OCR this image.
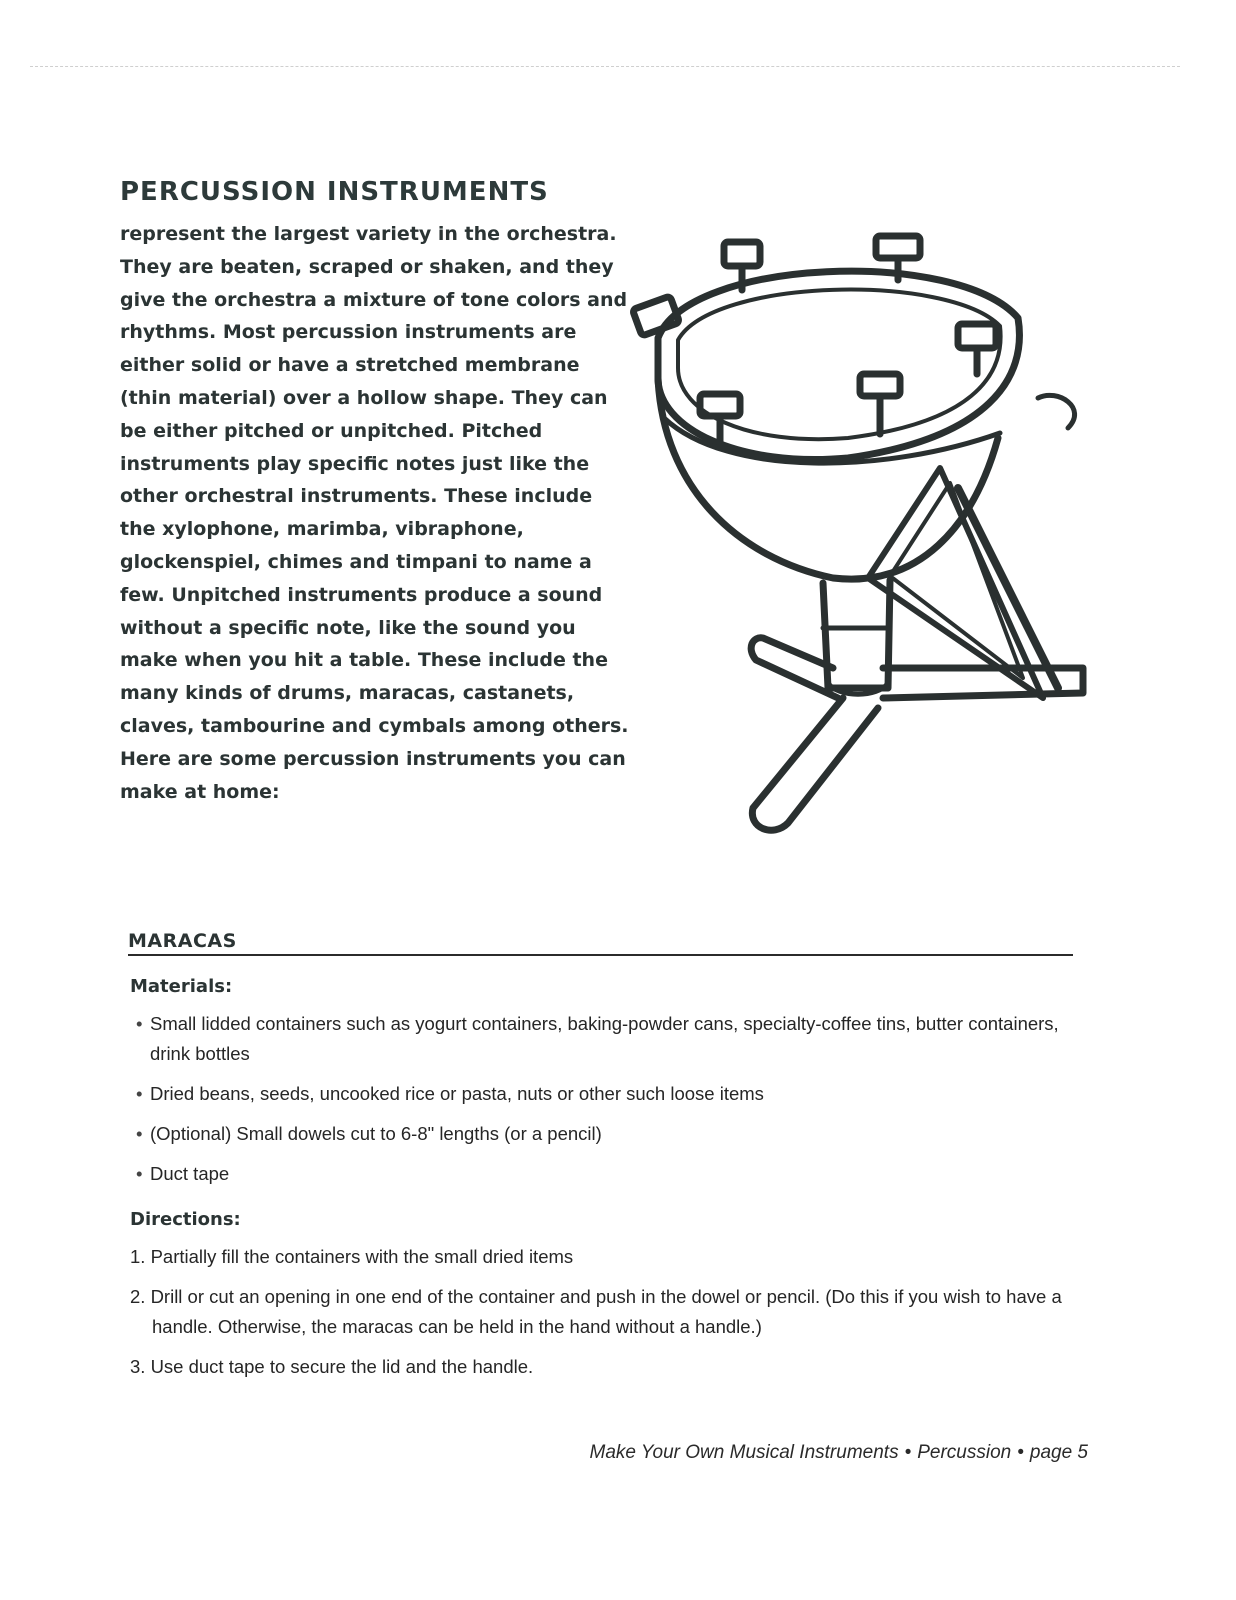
PERCUSSION INSTRUMENTS

represent the largest variety in the orchestra. They are beaten, scraped or shaken, and they give the orchestra a mixture of tone colors and rhythms. Most percussion instruments are either solid or have a stretched membrane (thin material) over a hollow shape. They can be either pitched or unpitched. Pitched instruments play specific notes just like the other orchestral instruments. These include the xylophone, marimba, vibraphone, glockenspiel, chimes and timpani to name a few. Unpitched instruments produce a sound without a specific note, like the sound you make when you hit a table. These include the many kinds of drums, maracas, castanets, claves, tambourine and cymbals among others. Here are some percussion instruments you can make at home:

MARACAS
Materials:
• Small lidded containers such as yogurt containers, baking-powder cans, specialty-coffee tins, butter containers, drink bottles
• Dried beans, seeds, uncooked rice or pasta, nuts or other such loose items
• (Optional) Small dowels cut to 6-8" lengths (or a pencil)
• Duct tape
Directions:
1. Partially fill the containers with the small dried items
2. Drill or cut an opening in one end of the container and push in the dowel or pencil. (Do this if you wish to have a handle. Otherwise, the maracas can be held in the hand without a handle.)
3. Use duct tape to secure the lid and the handle.
Make Your Own Musical Instruments • Percussion • page 5
